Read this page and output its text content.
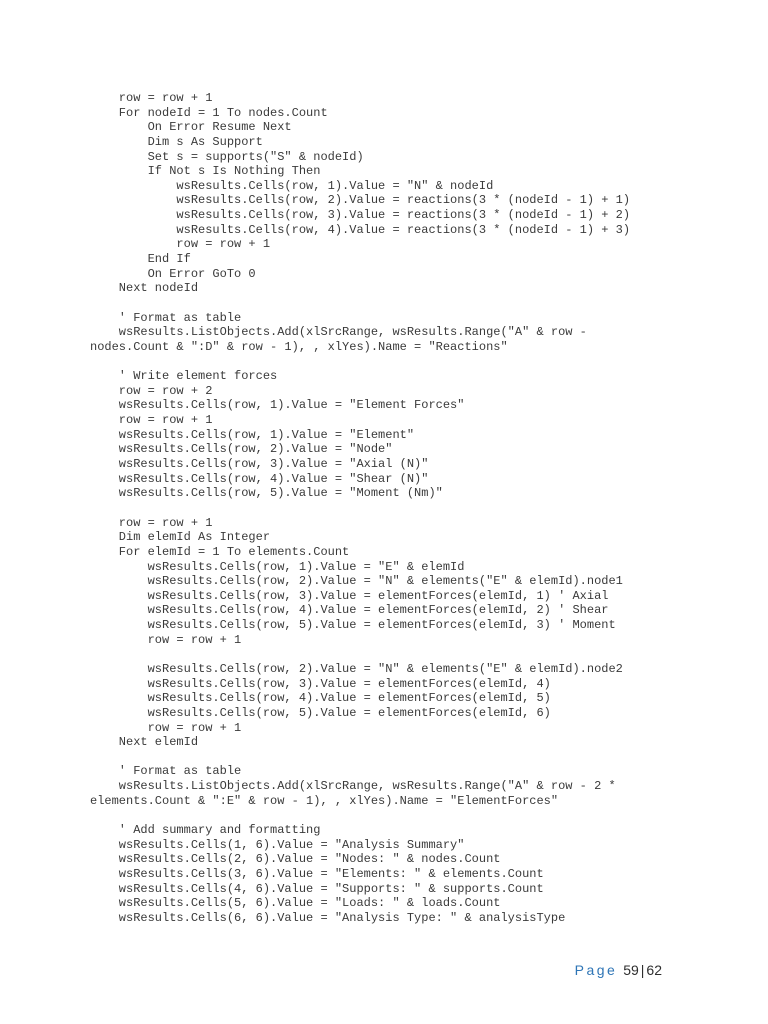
row = row + 1
For nodeId = 1 To nodes.Count
On Error Resume Next
Dim s As Support
Set s = supports("S" & nodeId)
If Not s Is Nothing Then
wsResults.Cells(row, 1).Value = "N" & nodeId
wsResults.Cells(row, 2).Value = reactions(3 * (nodeId - 1) + 1)
wsResults.Cells(row, 3).Value = reactions(3 * (nodeId - 1) + 2)
wsResults.Cells(row, 4).Value = reactions(3 * (nodeId - 1) + 3)
row = row + 1
End If
On Error GoTo 0
Next nodeId
' Format as table
wsResults.ListObjects.Add(xlSrcRange, wsResults.Range("A" & row -
nodes.Count & ":D" & row - 1), , xlYes).Name = "Reactions"
' Write element forces
row = row + 2
wsResults.Cells(row, 1).Value = "Element Forces"
row = row + 1
wsResults.Cells(row, 1).Value = "Element"
wsResults.Cells(row, 2).Value = "Node"
wsResults.Cells(row, 3).Value = "Axial (N)"
wsResults.Cells(row, 4).Value = "Shear (N)"
wsResults.Cells(row, 5).Value = "Moment (Nm)"
row = row + 1
Dim elemId As Integer
For elemId = 1 To elements.Count
wsResults.Cells(row, 1).Value = "E" & elemId
wsResults.Cells(row, 2).Value = "N" & elements("E" & elemId).node1
wsResults.Cells(row, 3).Value = elementForces(elemId, 1) ' Axial
wsResults.Cells(row, 4).Value = elementForces(elemId, 2) ' Shear
wsResults.Cells(row, 5).Value = elementForces(elemId, 3) ' Moment
row = row + 1
wsResults.Cells(row, 2).Value = "N" & elements("E" & elemId).node2
wsResults.Cells(row, 3).Value = elementForces(elemId, 4)
wsResults.Cells(row, 4).Value = elementForces(elemId, 5)
wsResults.Cells(row, 5).Value = elementForces(elemId, 6)
row = row + 1
Next elemId
' Format as table
wsResults.ListObjects.Add(xlSrcRange, wsResults.Range("A" & row - 2 *
elements.Count & ":E" & row - 1), , xlYes).Name = "ElementForces"
' Add summary and formatting
wsResults.Cells(1, 6).Value = "Analysis Summary"
wsResults.Cells(2, 6).Value = "Nodes: " & nodes.Count
wsResults.Cells(3, 6).Value = "Elements: " & elements.Count
wsResults.Cells(4, 6).Value = "Supports: " & supports.Count
wsResults.Cells(5, 6).Value = "Loads: " & loads.Count
wsResults.Cells(6, 6).Value = "Analysis Type: " & analysisType
Page 59 | 62
